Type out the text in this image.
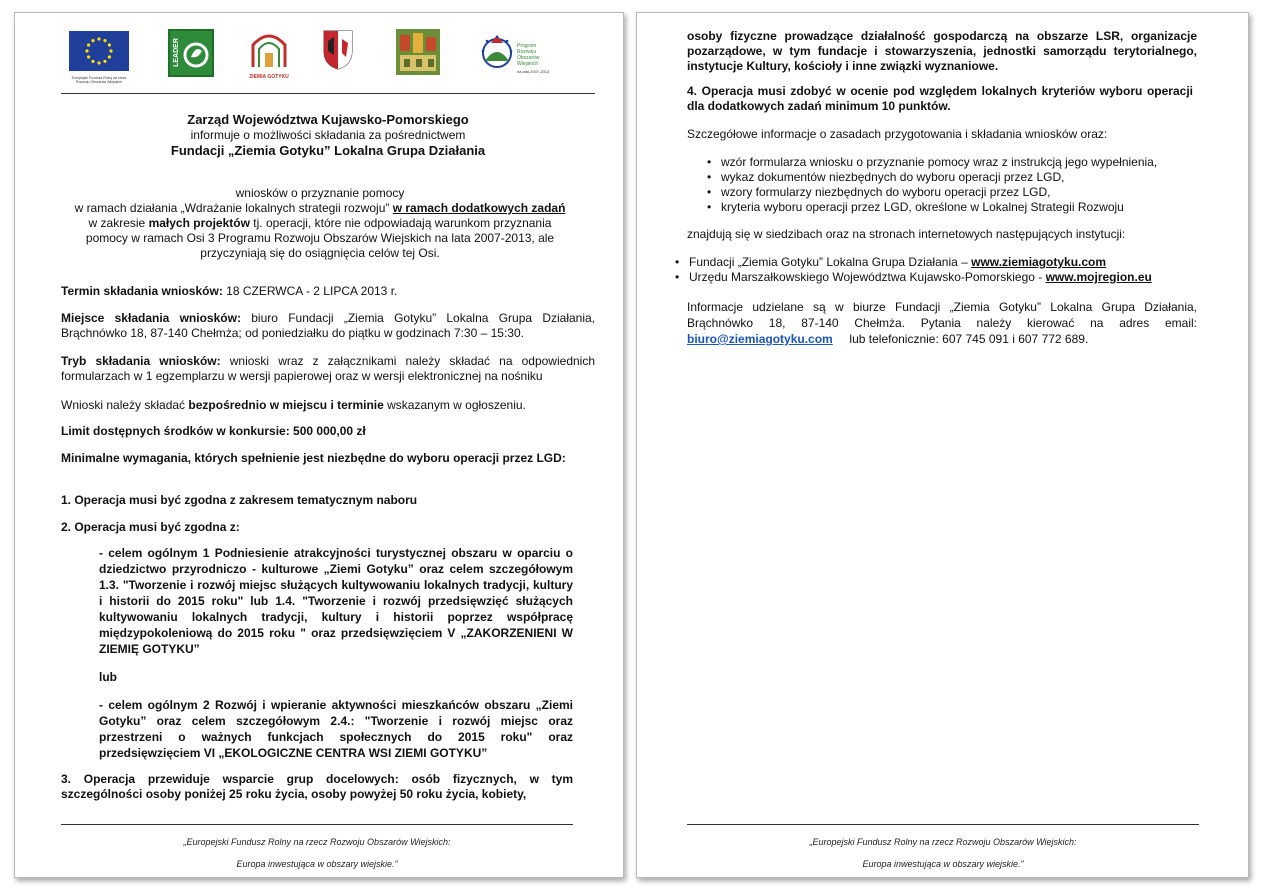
Europejski Fundusz Rolny na rzecz Rozwoju Obszarów Wiejskich
LEADER
ZIEMIA GOTYKU
Program Rozwoju Obszarów Wiejskich
na lata 2007-2013
Zarząd Województwa Kujawsko-Pomorskiego
informuje o możliwości składania za pośrednictwem
Fundacji „Ziemia Gotyku” Lokalna Grupa Działania
wniosków o przyznanie pomocy
w ramach działania „Wdrażanie lokalnych strategii rozwoju” w ramach dodatkowych zadań
w zakresie małych projektów tj. operacji, które nie odpowiadają warunkom przyznania
pomocy w ramach Osi 3 Programu Rozwoju Obszarów Wiejskich na lata 2007-2013, ale
przyczyniają się do osiągnięcia celów tej Osi.
Termin składania wniosków: 18 CZERWCA - 2 LIPCA 2013 r.
Miejsce składania wniosków: biuro Fundacji „Ziemia Gotyku” Lokalna Grupa Działania, Brąchnówko 18, 87-140 Chełmża; od poniedziałku do piątku w godzinach 7:30 – 15:30.
Tryb składania wniosków: wnioski wraz z załącznikami należy składać na odpowiednich formularzach w 1 egzemplarzu w wersji papierowej oraz w wersji elektronicznej na nośniku
Wnioski należy składać bezpośrednio w miejscu i terminie wskazanym w ogłoszeniu.
Limit dostępnych środków w konkursie: 500 000,00 zł
Minimalne wymagania, których spełnienie jest niezbędne do wyboru operacji przez LGD:
1. Operacja musi być zgodna z zakresem tematycznym naboru
2. Operacja musi być zgodna z:
- celem ogólnym 1 Podniesienie atrakcyjności turystycznej obszaru w oparciu o dziedzictwo przyrodniczo - kulturowe „Ziemi Gotyku” oraz celem szczegółowym 1.3. "Tworzenie i rozwój miejsc służących kultywowaniu lokalnych tradycji, kultury i historii do 2015 roku" lub 1.4. "Tworzenie i rozwój przedsięwzięć służących kultywowaniu lokalnych tradycji, kultury i historii poprzez współpracę międzypokoleniową do 2015 roku " oraz przedsięwzięciem V „ZAKORZENIENI W ZIEMIĘ GOTYKU”
lub
- celem ogólnym 2 Rozwój i wpieranie aktywności mieszkańców obszaru „Ziemi Gotyku” oraz celem szczegółowym 2.4.: "Tworzenie i rozwój miejsc oraz przestrzeni o ważnych funkcjach społecznych do 2015 roku" oraz przedsięwzięciem VI „EKOLOGICZNE CENTRA WSI ZIEMI GOTYKU”
3. Operacja przewiduje wsparcie grup docelowych: osób fizycznych, w tym szczególności osoby poniżej 25 roku życia, osoby powyżej 50 roku życia, kobiety,
„Europejski Fundusz Rolny na rzecz Rozwoju Obszarów Wiejskich:
Europa inwestująca w obszary wiejskie.”
osoby fizyczne prowadzące działalność gospodarczą na obszarze LSR, organizacje pozarządowe, w tym fundacje i stowarzyszenia, jednostki samorządu terytorialnego, instytucje Kultury, kościoły i inne związki wyznaniowe.
4. Operacja musi zdobyć w ocenie pod względem lokalnych kryteriów wyboru operacji dla dodatkowych zadań minimum 10 punktów.
Szczegółowe informacje o zasadach przygotowania i składania wniosków oraz:
• wzór formularza wniosku o przyznanie pomocy wraz z instrukcją jego wypełnienia,
• wykaz dokumentów niezbędnych do wyboru operacji przez LGD,
• wzory formularzy niezbędnych do wyboru operacji przez LGD,
• kryteria wyboru operacji przez LGD, określone w Lokalnej Strategii Rozwoju
znajdują się w siedzibach oraz na stronach internetowych następujących instytucji:
• Fundacji „Ziemia Gotyku” Lokalna Grupa Działania – www.ziemiagotyku.com
• Urzędu Marszałkowskiego Województwa Kujawsko-Pomorskiego - www.mojregion.eu
Informacje udzielane są w biurze Fundacji „Ziemia Gotyku” Lokalna Grupa Działania, Brąchnówko 18, 87-140 Chełmża. Pytania należy kierować na adres email: biuro@ziemiagotyku.com lub telefonicznie: 607 745 091 i 607 772 689.
„Europejski Fundusz Rolny na rzecz Rozwoju Obszarów Wiejskich:
Europa inwestująca w obszary wiejskie.”
